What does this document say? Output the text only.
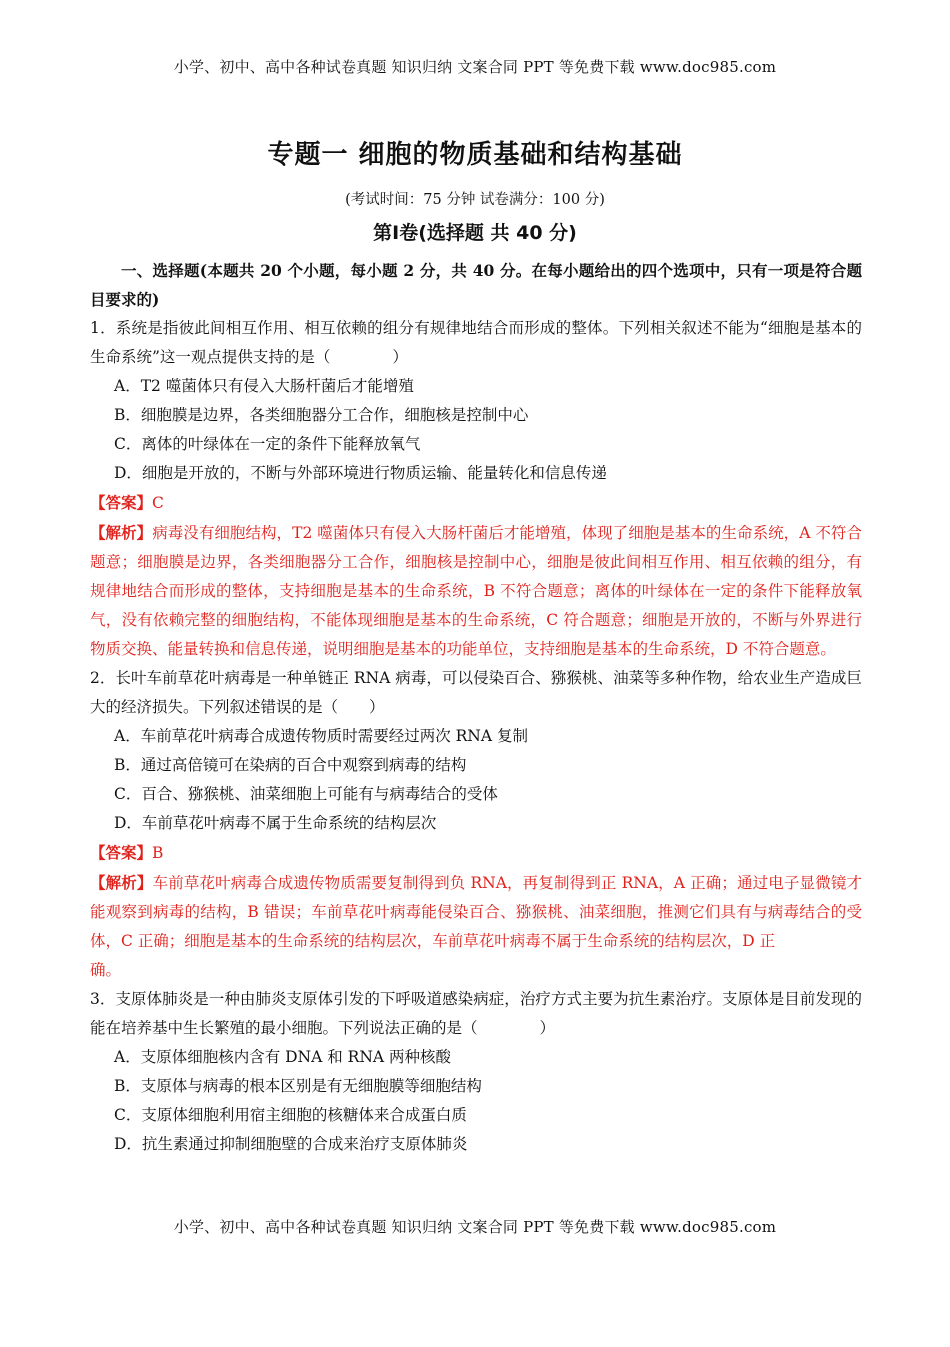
小学、初中、高中各种试卷真题 知识归纳 文案合同 PPT 等免费下载 www.doc985.com
专题一 细胞的物质基础和结构基础
(考试时间：75 分钟 试卷满分：100 分)
第Ⅰ卷(选择题 共 40 分)

一、选择题(本题共 20 个小题，每小题 2 分，共 40 分。在每小题给出的四个选项中，只有一项是符合题目要求的)

1．系统是指彼此间相互作用、相互依赖的组分有规律地结合而形成的整体。下列相关叙述不能为“细胞是基本的生命系统”这一观点提供支持的是（　　　　）

A．T2 噬菌体只有侵入大肠杆菌后才能增殖

B．细胞膜是边界，各类细胞器分工合作，细胞核是控制中心

C．离体的叶绿体在一定的条件下能释放氧气

D．细胞是开放的，不断与外部环境进行物质运输、能量转化和信息传递

【答案】C

【解析】病毒没有细胞结构，T2 噬菌体只有侵入大肠杆菌后才能增殖，体现了细胞是基本的生命系统，A 不符合题意；细胞膜是边界，各类细胞器分工合作，细胞核是控制中心，细胞是彼此间相互作用、相互依赖的组分，有规律地结合而形成的整体，支持细胞是基本的生命系统，B 不符合题意；离体的叶绿体在一定的条件下能释放氧气，没有依赖完整的细胞结构，不能体现细胞是基本的生命系统，C 符合题意；细胞是开放的，不断与外界进行物质交换、能量转换和信息传递，说明细胞是基本的功能单位，支持细胞是基本的生命系统，D 不符合题意。

2．长叶车前草花叶病毒是一种单链正 RNA 病毒，可以侵染百合、猕猴桃、油菜等多种作物，给农业生产造成巨大的经济损失。下列叙述错误的是（　　）

A．车前草花叶病毒合成遗传物质时需要经过两次 RNA 复制

B．通过高倍镜可在染病的百合中观察到病毒的结构

C．百合、猕猴桃、油菜细胞上可能有与病毒结合的受体

D．车前草花叶病毒不属于生命系统的结构层次

【答案】B

【解析】车前草花叶病毒合成遗传物质需要复制得到负 RNA，再复制得到正 RNA，A 正确；通过电子显微镜才能观察到病毒的结构，B 错误；车前草花叶病毒能侵染百合、猕猴桃、油菜细胞，推测它们具有与病毒结合的受体，C 正确；细胞是基本的生命系统的结构层次，车前草花叶病毒不属于生命系统的结构层次，D 正

确。

3．支原体肺炎是一种由肺炎支原体引发的下呼吸道感染病症，治疗方式主要为抗生素治疗。支原体是目前发现的能在培养基中生长繁殖的最小细胞。下列说法正确的是（　　　　）

A．支原体细胞核内含有 DNA 和 RNA 两种核酸

B．支原体与病毒的根本区别是有无细胞膜等细胞结构

C．支原体细胞利用宿主细胞的核糖体来合成蛋白质

D．抗生素通过抑制细胞壁的合成来治疗支原体肺炎

小学、初中、高中各种试卷真题 知识归纳 文案合同 PPT 等免费下载 www.doc985.com
